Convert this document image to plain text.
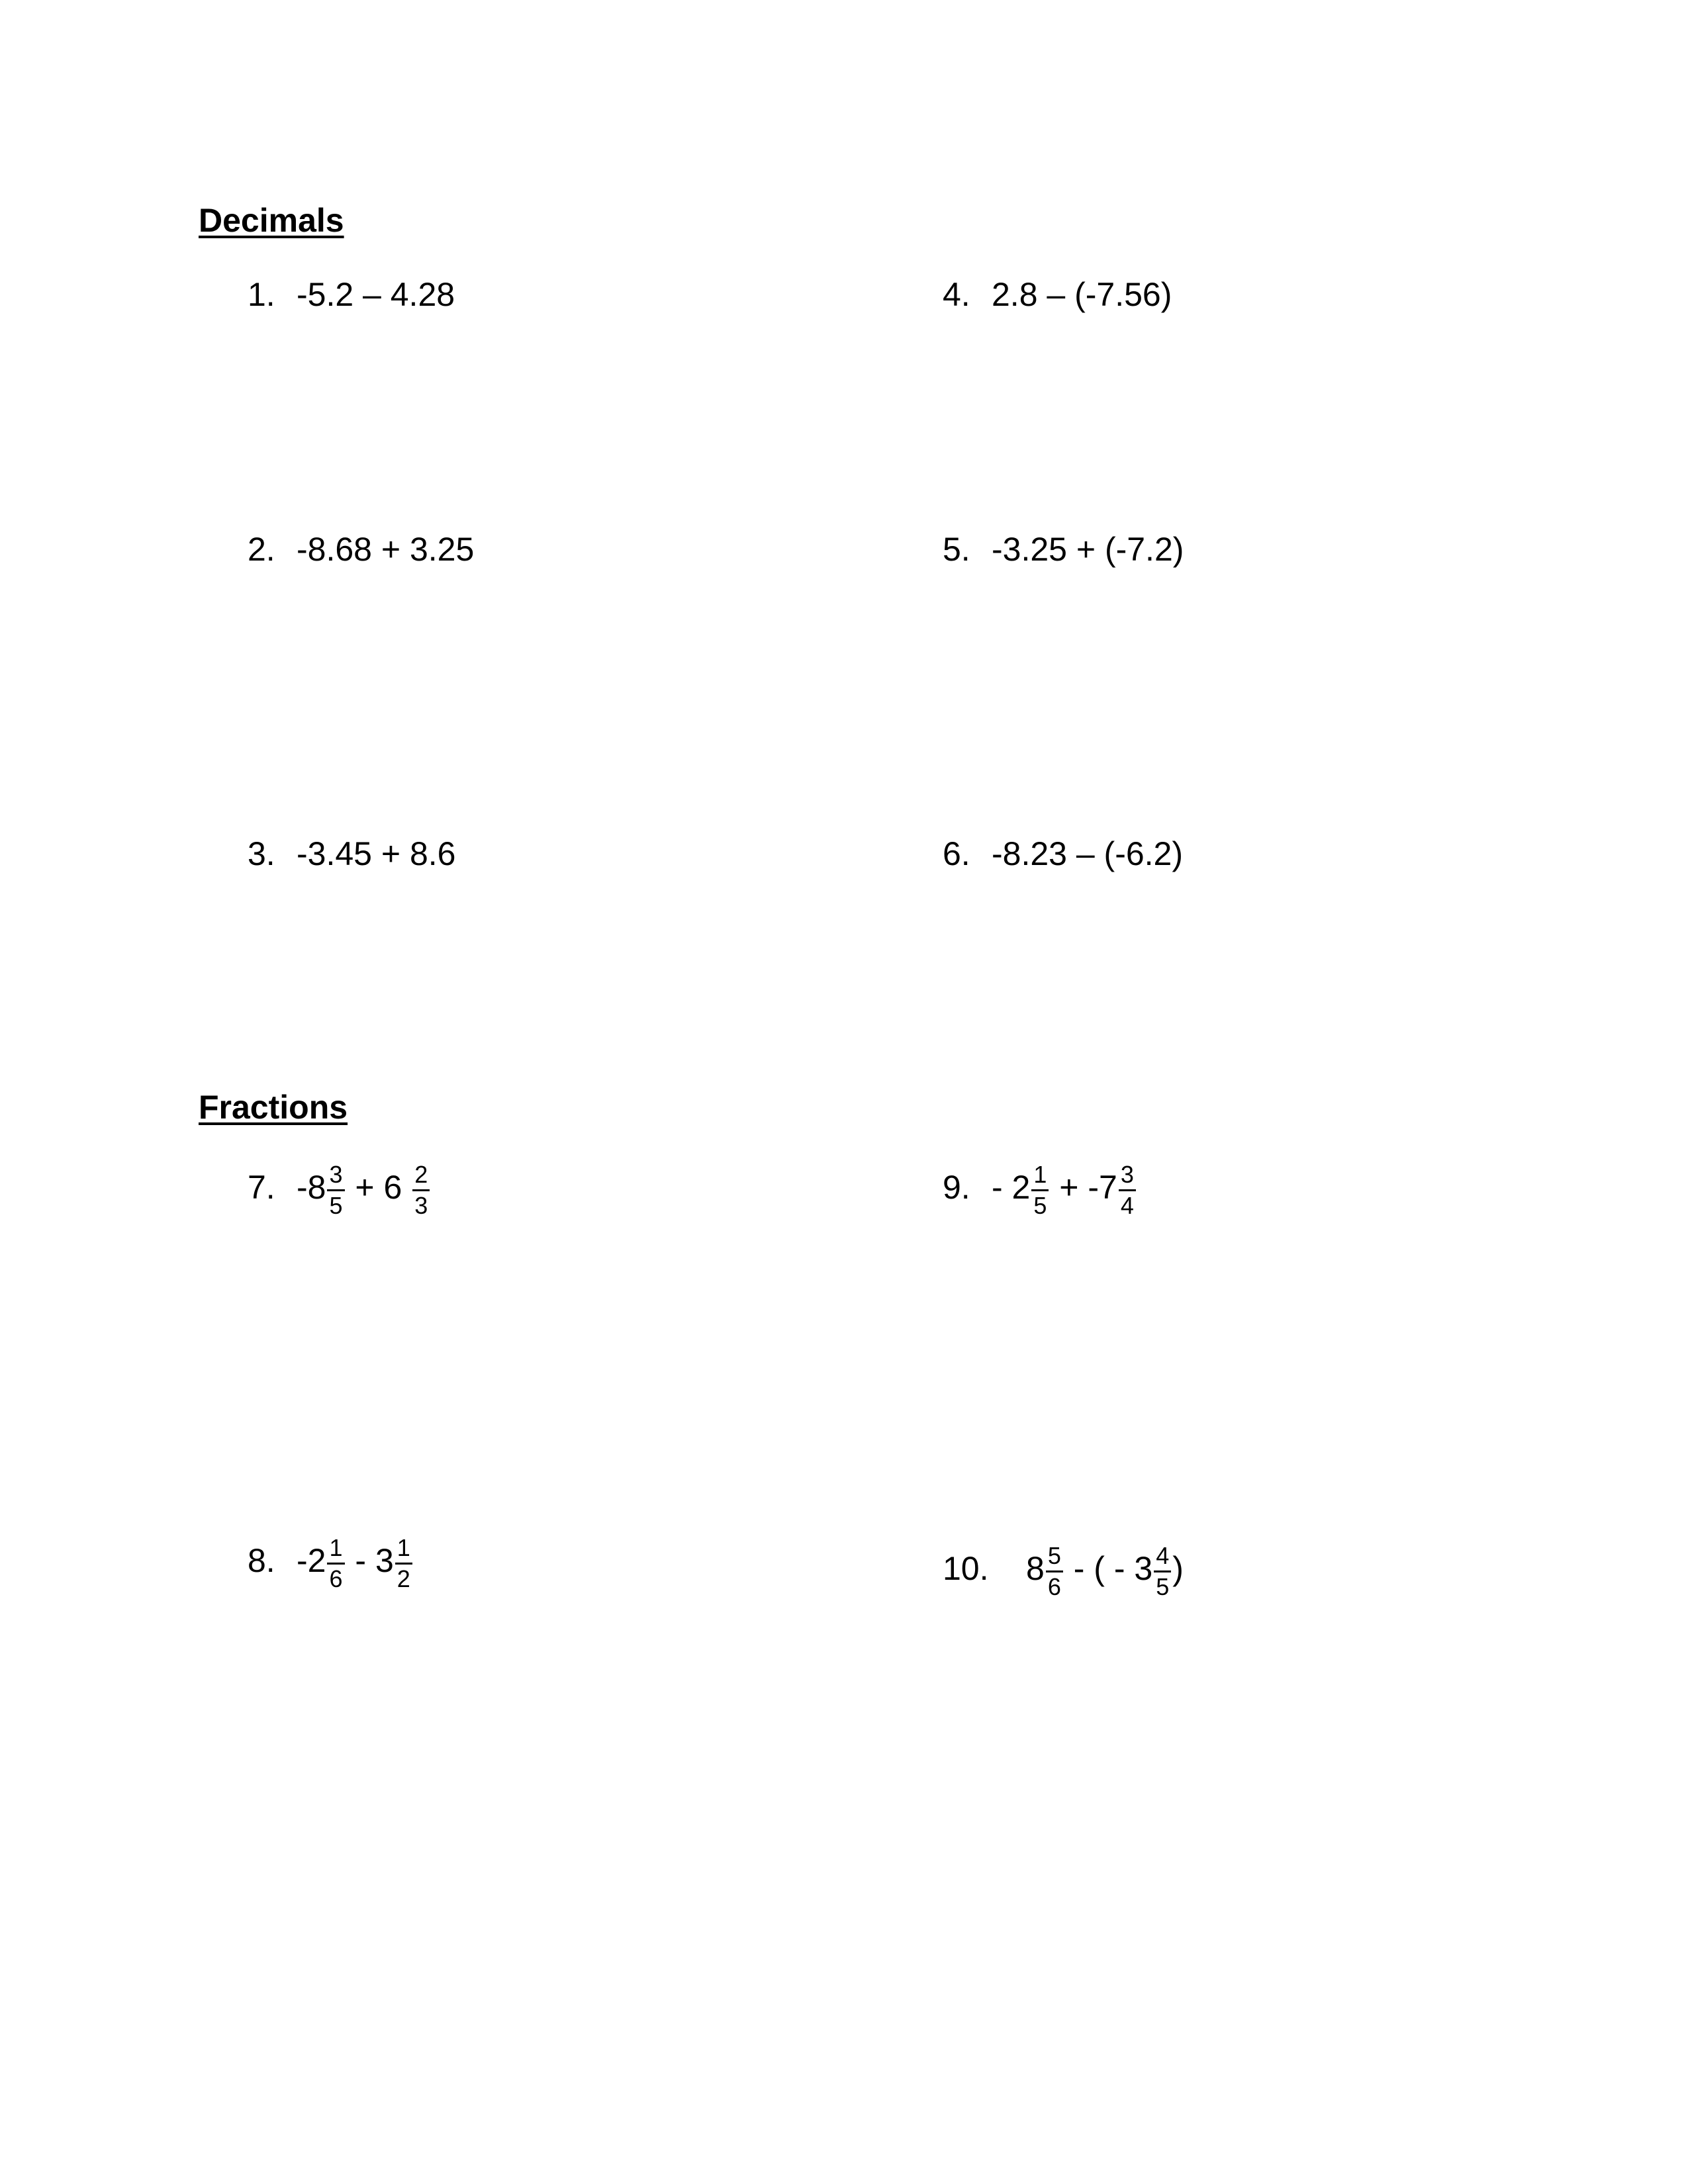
Decimals
1. -5.2 – 4.28
2. -8.68 + 3.25
3. -3.45 + 8.6
4. 2.8 – (-7.56)
5. -3.25 + (-7.2)
6. -8.23 – (-6.2)
Fractions
7. $-8 \frac{3}{5} + 6 \frac{2}{3}$
8. $-2 \frac{1}{6} - 3 \frac{1}{2}$
9. - $2 \frac{1}{5} + -7 \frac{3}{4}$
10.	$8 \frac{5}{6}$ - ( - $3 \frac{4}{5}$ )
